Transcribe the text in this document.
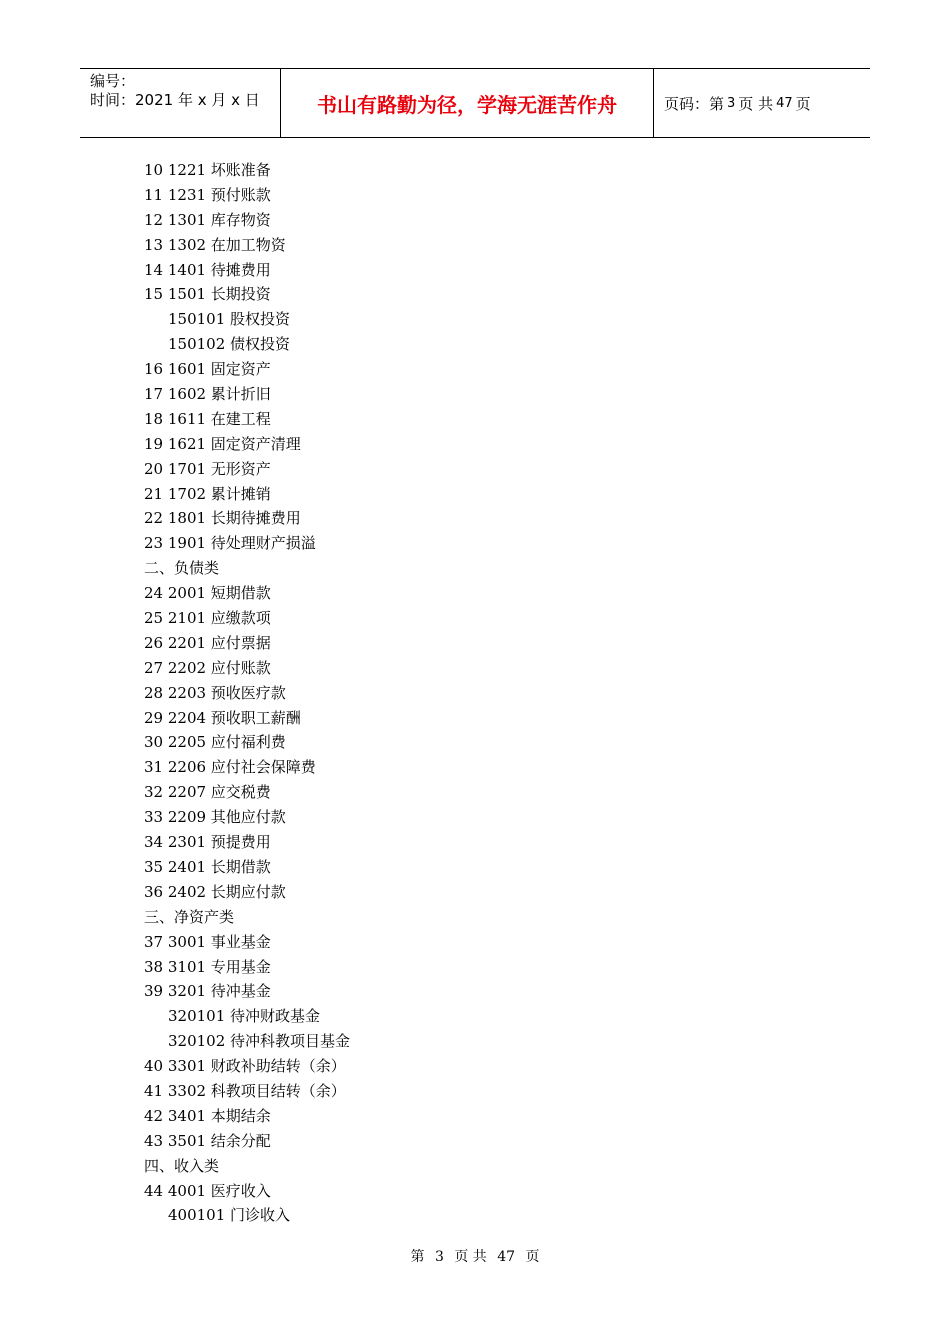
编号：
时间：2021 年 x 月 x 日	书山有路勤为径，学海无涯苦作舟	页码：第 3 页 共 47 页
10 1221 坏账准备
11 1231 预付账款
12 1301 库存物资
13 1302 在加工物资
14 1401 待摊费用
15 1501 长期投资
150101 股权投资
150102 债权投资
16 1601 固定资产
17 1602 累计折旧
18 1611 在建工程
19 1621 固定资产清理
20 1701 无形资产
21 1702 累计摊销
22 1801 长期待摊费用
23 1901 待处理财产损溢
二、负债类
24 2001 短期借款
25 2101 应缴款项
26 2201 应付票据
27 2202 应付账款
28 2203 预收医疗款
29 2204 预收职工薪酬
30 2205 应付福利费
31 2206 应付社会保障费
32 2207 应交税费
33 2209 其他应付款
34 2301 预提费用
35 2401 长期借款
36 2402 长期应付款
三、净资产类
37 3001 事业基金
38 3101 专用基金
39 3201 待冲基金
320101 待冲财政基金
320102 待冲科教项目基金
40 3301 财政补助结转（余）
41 3302 科教项目结转（余）
42 3401 本期结余
43 3501 结余分配
四、收入类
44 4001 医疗收入
400101 门诊收入
第 3 页 共 47 页
